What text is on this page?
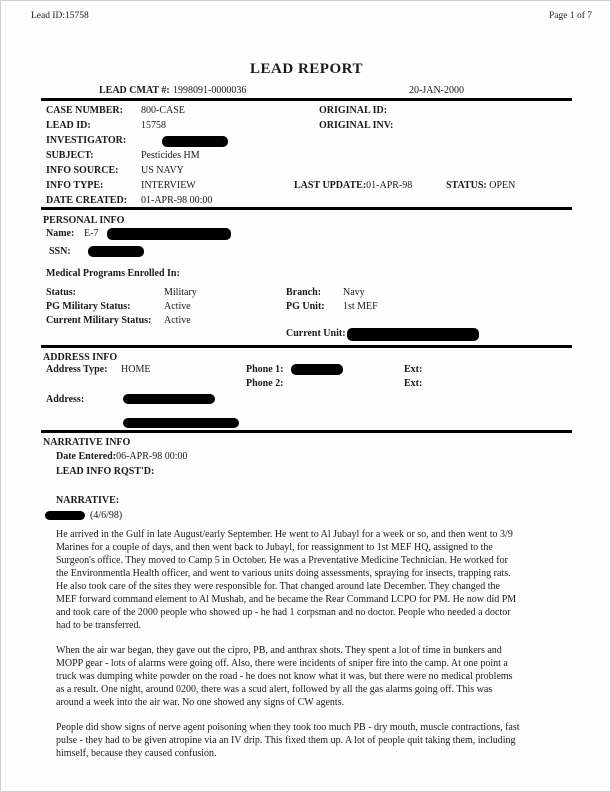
Lead ID:15758	Page 1 of 7
LEAD REPORT
LEAD CMAT #: 1998091-0000036	20-JAN-2000
CASE NUMBER: 800-CASE	ORIGINAL ID:
LEAD ID:	15758	ORIGINAL INV:
INVESTIGATOR:
SUBJECT:	Pesticides HM
INFO SOURCE: US NAVY
INFO TYPE:	INTERVIEW	LAST UPDATE:01-APR-98	STATUS: OPEN
DATE CREATED: 01-APR-98 00:00
PERSONAL INFO
Name: E-7
SSN:
Medical Programs Enrolled In:
Status:	Military	Branch: Navy
PG Military Status:	Active	PG Unit: 1st MEF
Current Military Status: Active
Current Unit:
ADDRESS INFO
Address Type: HOME	Phone 1:	Ext:
Phone 2:	Ext:
Address:
NARRATIVE INFO
Date Entered:06-APR-98 00:00
LEAD INFO RQST'D:
NARRATIVE:
(4/6/98)

He arrived in the Gulf in late August/early September. He went to Al Jubayl for a week or so, and then went to 3/9 Marines for a couple of days, and then went back to Jubayl, for reassignment to 1st MEF HQ, assigned to the Surgeon's office. They moved to Camp 5 in October. He was a Preventative Medicine Technician. He worked for the Environmentla Health officer, and went to various units doing assessments, spraying for insects, trapping rats. He also took care of the sites they were responsible for. That changed around late December. They changed the MEF forward command element to Al Mushab, and he became the Rear Command LCPO for PM. He now did PM and took care of the 2000 people who showed up - he had 1 corpsman and no doctor. People who needed a doctor had to be transferred.

When the air war began, they gave out the cipro, PB, and anthrax shots. They spent a lot of time in bunkers and MOPP gear - lots of alarms were going off. Also, there were incidents of sniper fire into the camp. At one point a truck was dumping white powder on the road - he does not know what it was, but there were no medical problems as a result. One night, around 0200, there was a scud alert, followed by all the gas alarms going off. This was around a week into the air war. No one showed any signs of CW agents.

People did show signs of nerve agent poisoning when they took too much PB - dry mouth, muscle contractions, fast pulse - they had to be given atropine via an IV drip. This fixed them up. A lot of people quit taking them, including himself, because they caused confusion.
